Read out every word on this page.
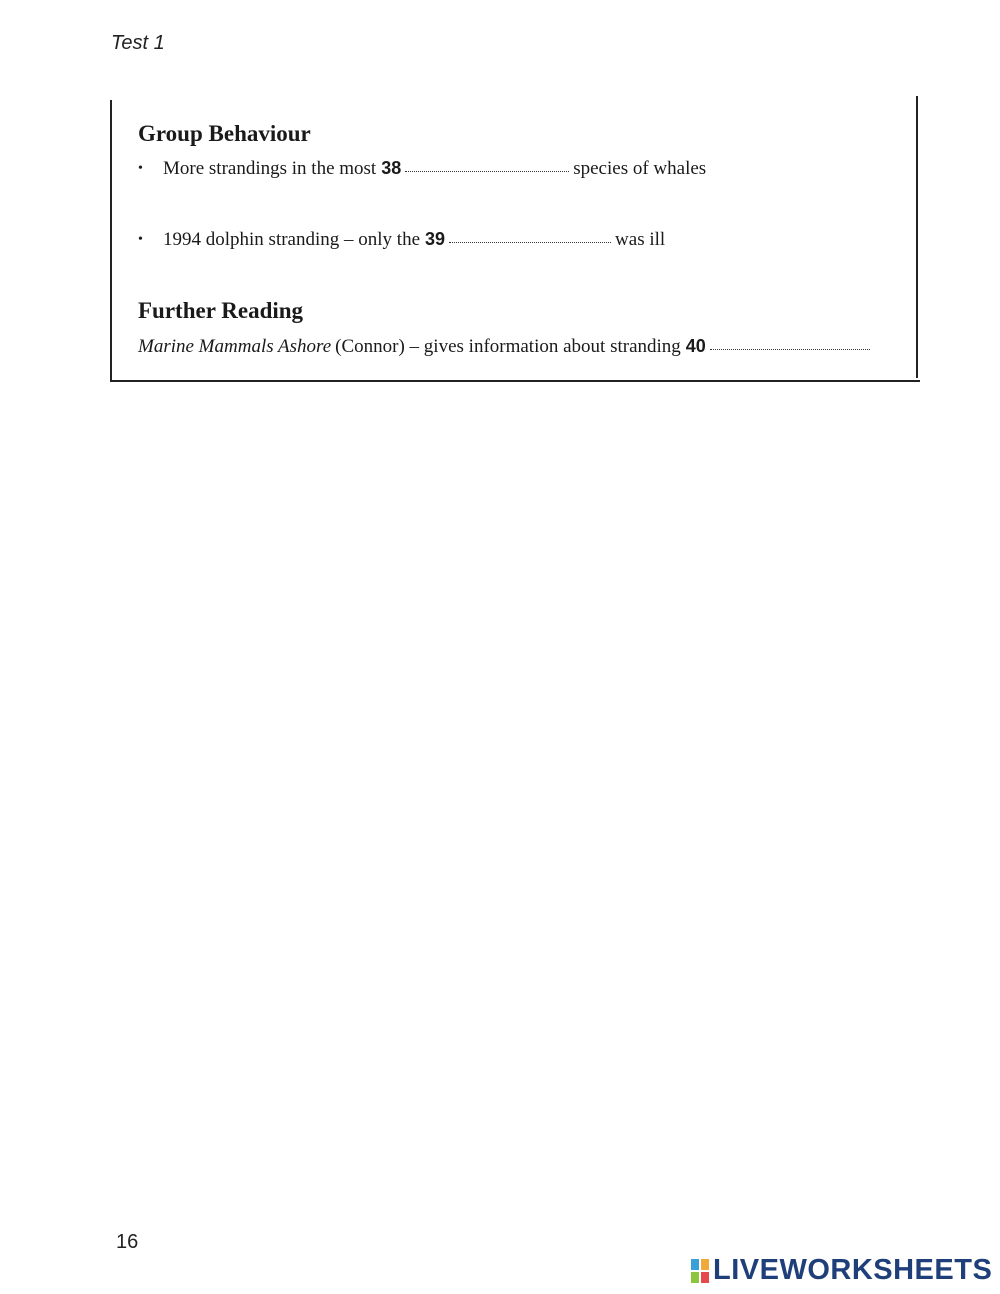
Test 1
Group Behaviour
•	More strandings in the most 38	species of whales
•	1994 dolphin stranding – only the 39	was ill
Further Reading
Marine Mammals Ashore (Connor) – gives information about stranding 40
16
LIVEWORKSHEETS
